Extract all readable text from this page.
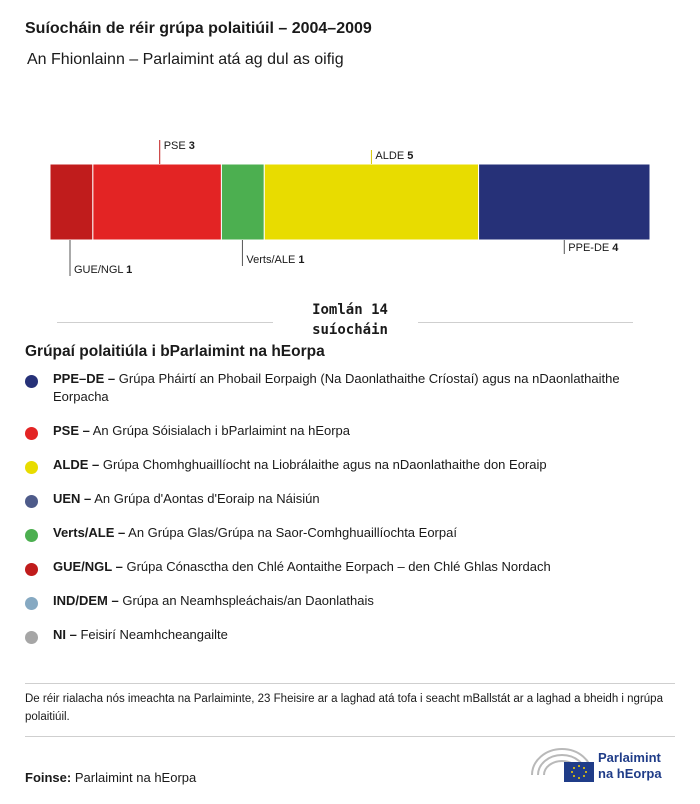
Suíocháin de réir grúpa polaitiúil – 2004–2009
An Fhionlainn – Parlaimint atá ag dul as oifig
GUE/NGL 1
PSE 3
Verts/ALE 1
ALDE 5
PPE-DE 4
Iomlán 14 suíocháin
Grúpaí polaitiúla i bParlaimint na hEorpa
PPE–DE – Grúpa Pháirtí an Phobail Eorpaigh (Na Daonlathaithe Críostaí) agus na nDaonlathaithe Eorpacha
PSE – An Grúpa Sóisialach i bParlaimint na hEorpa
ALDE – Grúpa Chomhghuaillíocht na Liobrálaithe agus na nDaonlathaithe don Eoraip
UEN – An Grúpa d'Aontas d'Eoraip na Náisiún
Verts/ALE – An Grúpa Glas/Grúpa na Saor-Comhghuaillíochta Eorpaí
GUE/NGL – Grúpa Cónasctha den Chlé Aontaithe Eorpach – den Chlé Ghlas Nordach
IND/DEM – Grúpa an Neamhspleáchais/an Daonlathais
NI – Feisirí Neamhcheangailte
De réir rialacha nós imeachta na Parlaiminte, 23 Fheisire ar a laghad atá tofa i seacht mBallstát ar a laghad a bheidh i ngrúpa polaitiúil.
Foinse: Parlaimint na hEorpa
Parlaimint
na hEorpa
